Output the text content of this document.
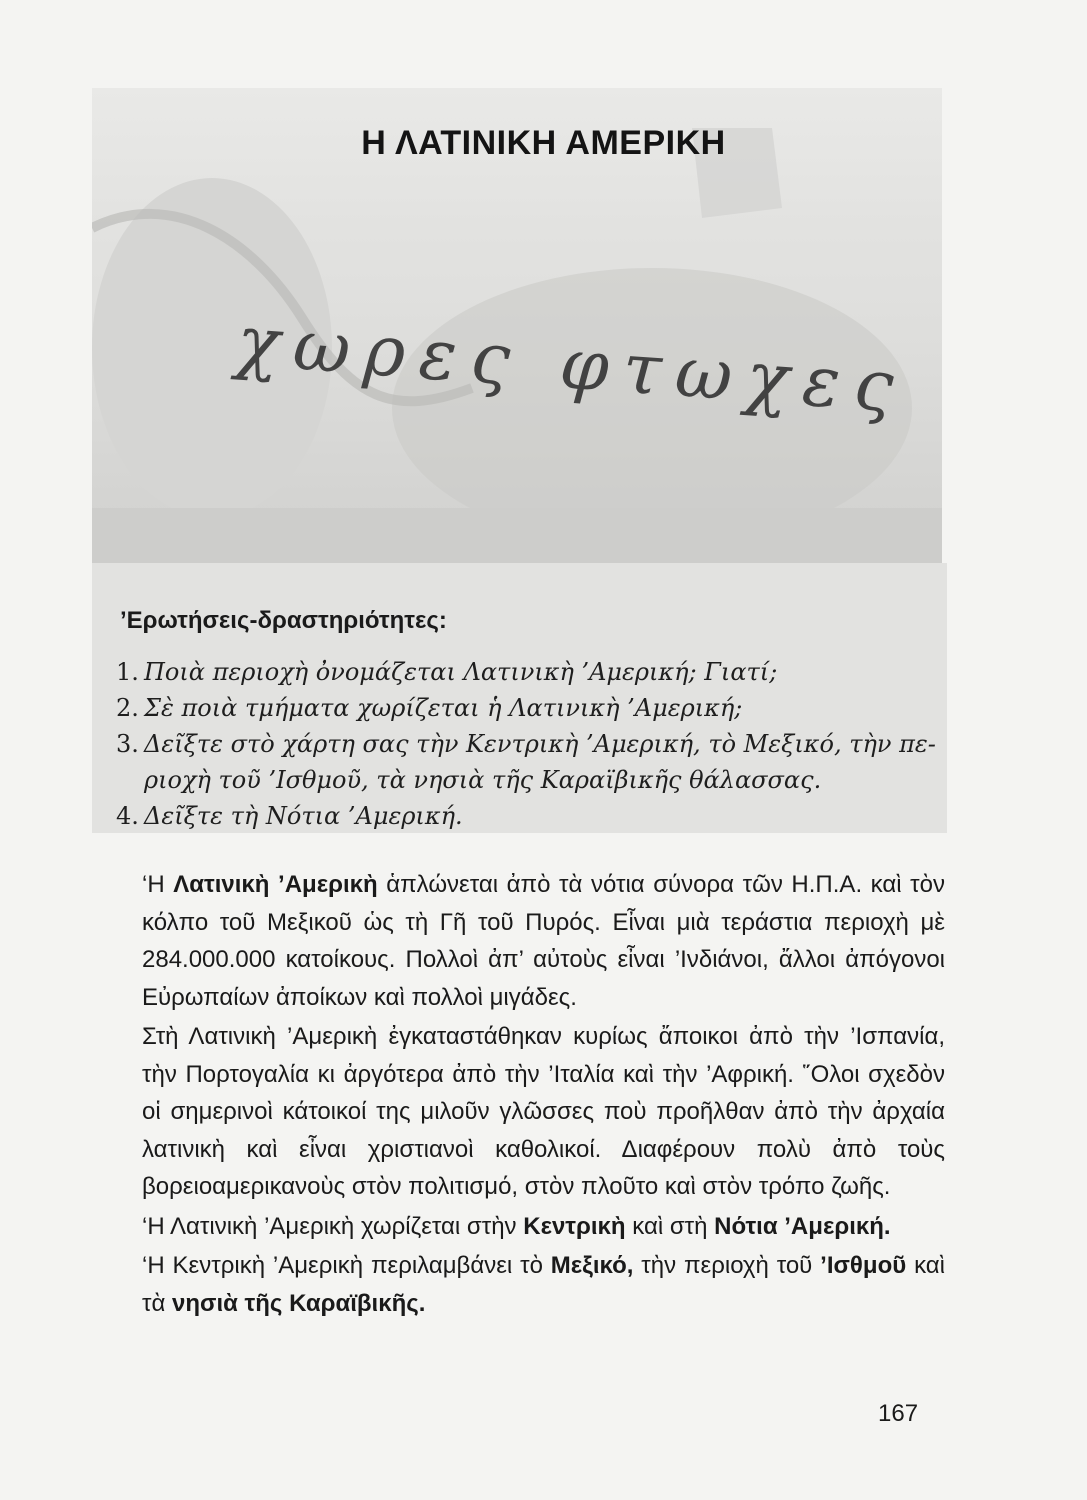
Η ΛΑΤΙΝΙΚΗ ΑΜΕΡΙΚΗ
χωρες φτωχες
’Ερωτήσεις-δραστηριότητες:
1. Ποιὰ περιοχὴ ὀνομάζεται Λατινικὴ ’Αμερική; Γιατί;
2. Σὲ ποιὰ τμήματα χωρίζεται ἡ Λατινικὴ ’Αμερική;
3. Δεῖξτε στὸ χάρτη σας τὴν Κεντρικὴ ’Αμερική, τὸ Μεξικό, τὴν πε-
ριοχὴ τοῦ ’Ισθμοῦ, τὰ νησιὰ τῆς Καραϊβικῆς θάλασσας.
4. Δεῖξτε τὴ Νότια ’Αμερική.

‘Η Λατινικὴ ’Αμερικὴ ἁπλώνεται ἀπὸ τὰ νότια σύνορα τῶν Η.Π.Α. καὶ τὸν κόλπο τοῦ Μεξικοῦ ὡς τὴ Γῆ τοῦ Πυρός. Εἶναι μιὰ τεράστια περιοχὴ μὲ 284.000.000 κατοίκους. Πολλοὶ ἀπ’ αὐτοὺς εἶναι ’Ινδιάνοι, ἄλλοι ἀπόγονοι Εὐρωπαίων ἀποίκων καὶ πολλοὶ μιγάδες.

Στὴ Λατινικὴ ’Αμερικὴ ἐγκαταστάθηκαν κυρίως ἄποικοι ἀπὸ τὴν ’Ισπανία, τὴν Πορτογαλία κι ἀργότερα ἀπὸ τὴν ’Ιταλία καὶ τὴν ’Αφρική. ῞Ολοι σχεδὸν οἱ σημερινοὶ κάτοικοί της μιλοῦν γλῶσσες ποὺ προῆλθαν ἀπὸ τὴν ἀρχαία λατινικὴ καὶ εἶναι χριστιανοὶ καθολικοί. Διαφέρουν πολὺ ἀπὸ τοὺς βορειοαμερικανοὺς στὸν πολιτισμό, στὸν πλοῦτο καὶ στὸν τρόπο ζωῆς.

‘Η Λατινικὴ ’Αμερικὴ χωρίζεται στὴν Κεντρικὴ καὶ στὴ Νότια ’Αμερική.

‘Η Κεντρικὴ ’Αμερικὴ περιλαμβάνει τὸ Μεξικό, τὴν περιοχὴ τοῦ ’Ισθμοῦ καὶ τὰ νησιὰ τῆς Καραϊβικῆς.

167
